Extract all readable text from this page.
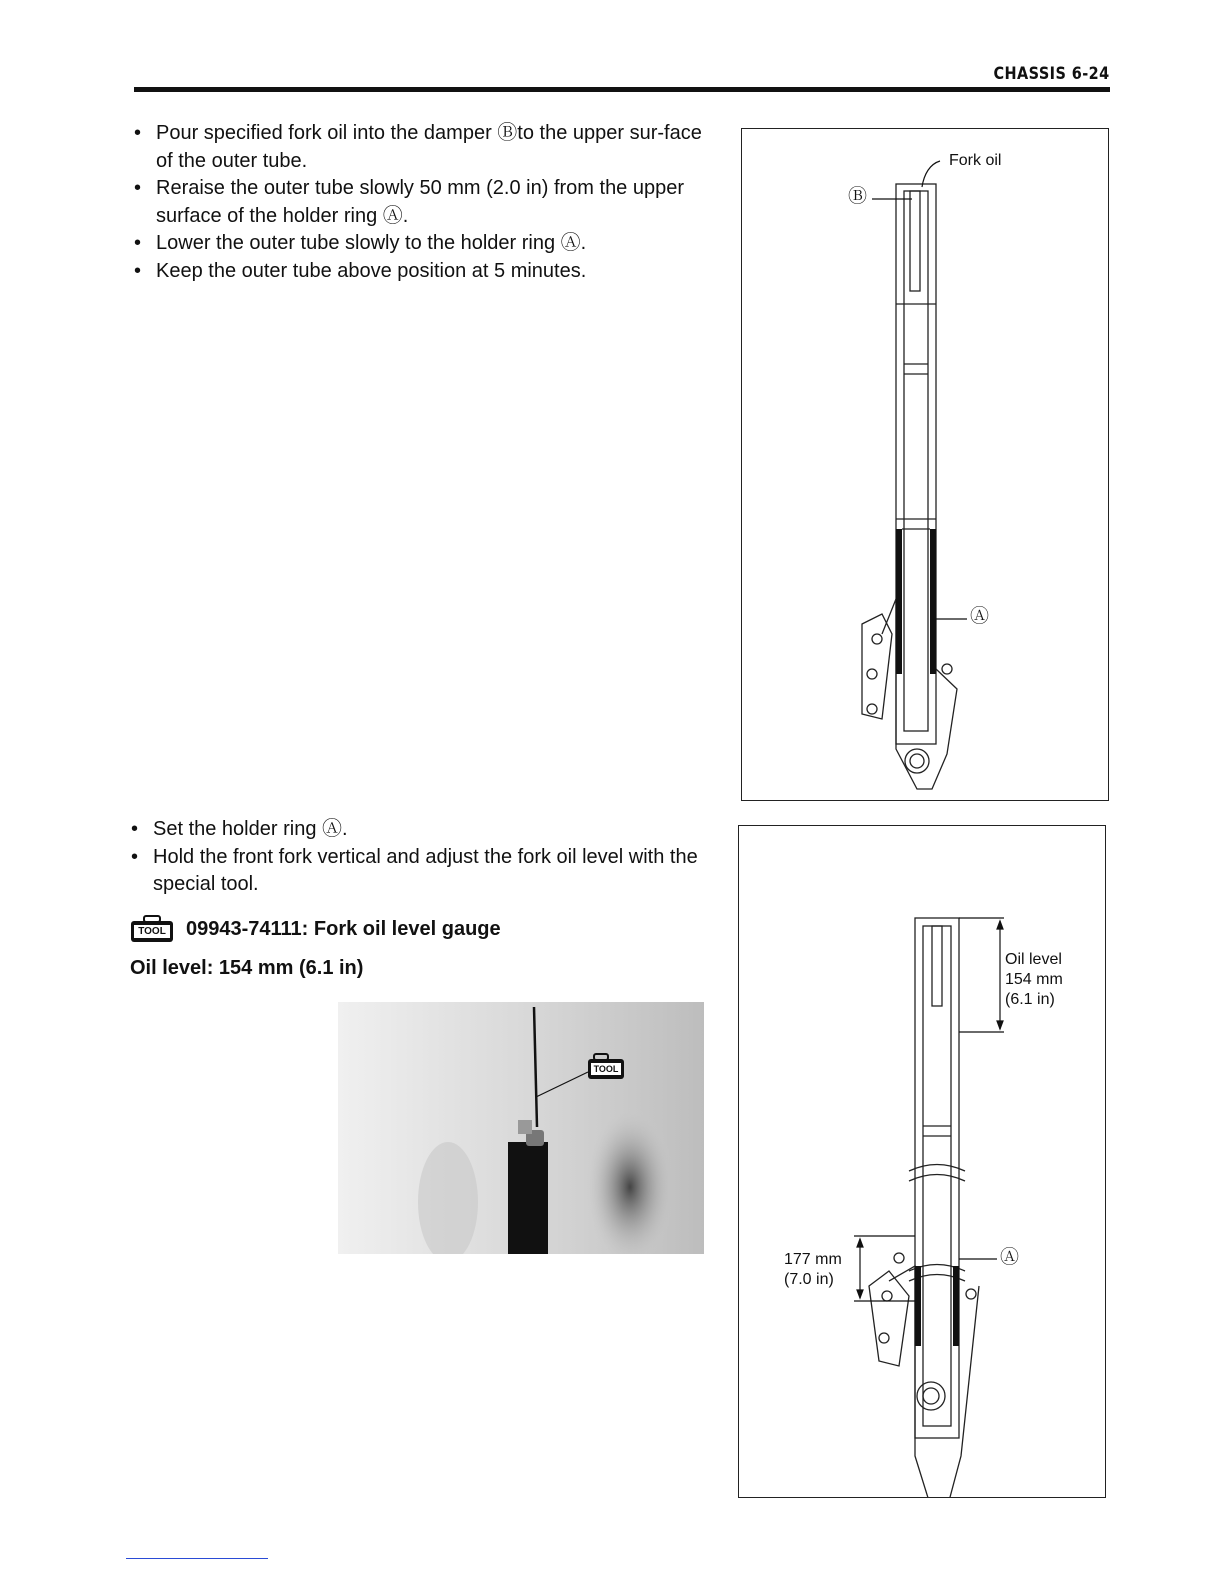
CHASSIS 6-24
• Pour specified fork oil into the damper Ⓑto the upper sur-face of the outer tube.
• Reraise the outer tube slowly 50 mm (2.0 in) from the upper surface of the holder ring Ⓐ.
• Lower the outer tube slowly to the holder ring Ⓐ.
• Keep the outer tube above position at 5 minutes.
Fork oil
Ⓑ
Ⓐ
• Set the holder ring Ⓐ.
• Hold the front fork vertical and adjust the fork oil level with the special tool.
TOOL 09943-74111: Fork oil level gauge
Oil level: 154 mm (6.1 in)
TOOL
Oil level
154 mm
(6.1 in)
177 mm
(7.0 in)
Ⓐ
